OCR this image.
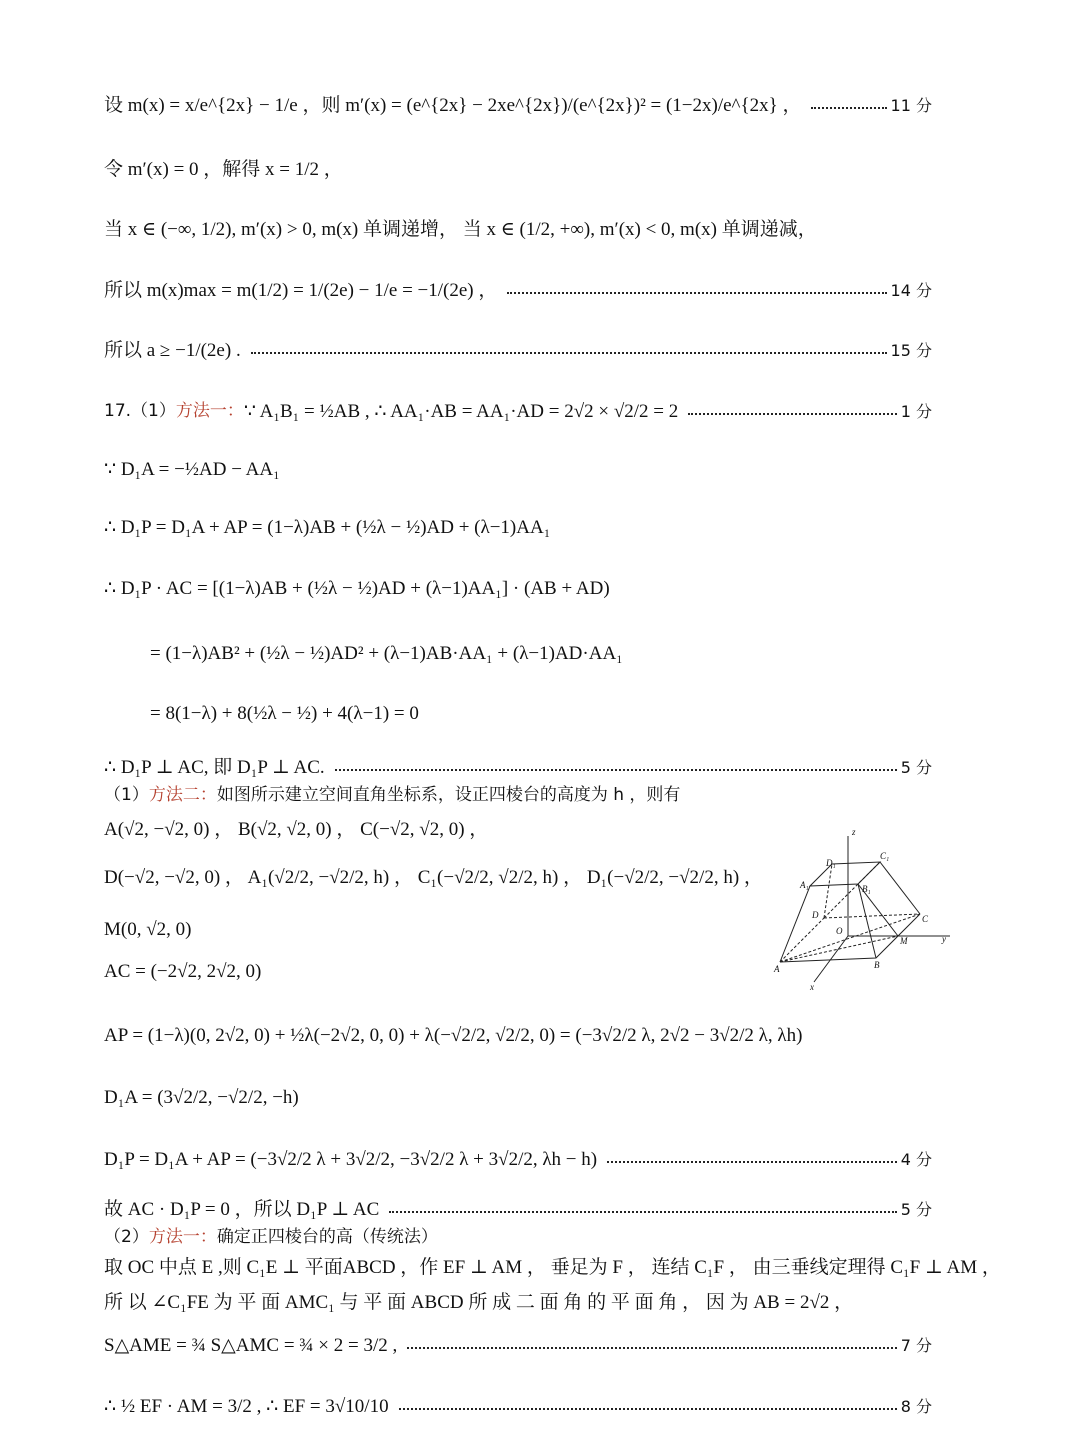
设 m(x) = x/e^{2x} − 1/e ，则 m′(x) = (e^{2x} − 2xe^{2x})/(e^{2x})² = (1−2x)/e^{2x} ，	11 分
令 m′(x) = 0 ，解得 x = 1/2 ，
当 x ∈ (−∞, 1/2), m′(x) > 0, m(x) 单调递增， 当 x ∈ (1/2, +∞), m′(x) < 0, m(x) 单调递减，
所以 m(x)max = m(1/2) = 1/(2e) − 1/e = −1/(2e) ，	14 分
所以 a ≥ −1/(2e) .	15 分
17.（1） 方法一： ∵ A₁B₁ = ½AB , ∴ AA₁·AB = AA₁·AD = 2√2 × √2/2 = 2	1 分
∵ D₁A = −½AD − AA₁
∴ D₁P = D₁A + AP = (1−λ)AB + (½λ − ½)AD + (λ−1)AA₁
∴ D₁P · AC = [(1−λ)AB + (½λ − ½)AD + (λ−1)AA₁] · (AB + AD)
= (1−λ)AB² + (½λ − ½)AD² + (λ−1)AB·AA₁ + (λ−1)AD·AA₁
= 8(1−λ) + 8(½λ − ½) + 4(λ−1) = 0
∴ D₁P ⊥ AC, 即 D₁P ⊥ AC.	5 分
（1） 方法二： 如图所示建立空间直角坐标系，设正四棱台的高度为 h ，则有
A(√2, −√2, 0) ， B(√2, √2, 0) ， C(−√2, √2, 0) ，
D(−√2, −√2, 0) ， A₁(√2/2, −√2/2, h) ， C₁(−√2/2, √2/2, h) ， D₁(−√2/2, −√2/2, h) ，
M(0, √2, 0)
AC = (−2√2, 2√2, 0)
AP = (1−λ)(0, 2√2, 0) + ½λ(−2√2, 0, 0) + λ(−√2/2, √2/2, 0) = (−3√2/2 λ, 2√2 − 3√2/2 λ, λh)
D₁A = (3√2/2, −√2/2, −h)
D₁P = D₁A + AP = (−3√2/2 λ + 3√2/2, −3√2/2 λ + 3√2/2, λh − h)	4 分
故 AC · D₁P = 0 ，所以 D₁P ⊥ AC	5 分
（2） 方法一： 确定正四棱台的高（传统法）
取 OC 中点 E ,则 C₁E ⊥ 平面ABCD ，作 EF ⊥ AM ， 垂足为 F ， 连结 C₁F ， 由三垂线定理得 C₁F ⊥ AM ，
所 以 ∠C₁FE 为 平 面 AMC₁ 与 平 面 ABCD 所 成 二 面 角 的 平 面 角 ， 因 为 AB = 2√2 ，
S△AME = ¾ S△AMC = ¾ × 2 = 3/2 ,	7 分
∴ ½ EF · AM = 3/2 , ∴ EF = 3√10/10	8 分
z
y
x
D₁
C₁
A₁	B₁
D	C
M
O
A	B
